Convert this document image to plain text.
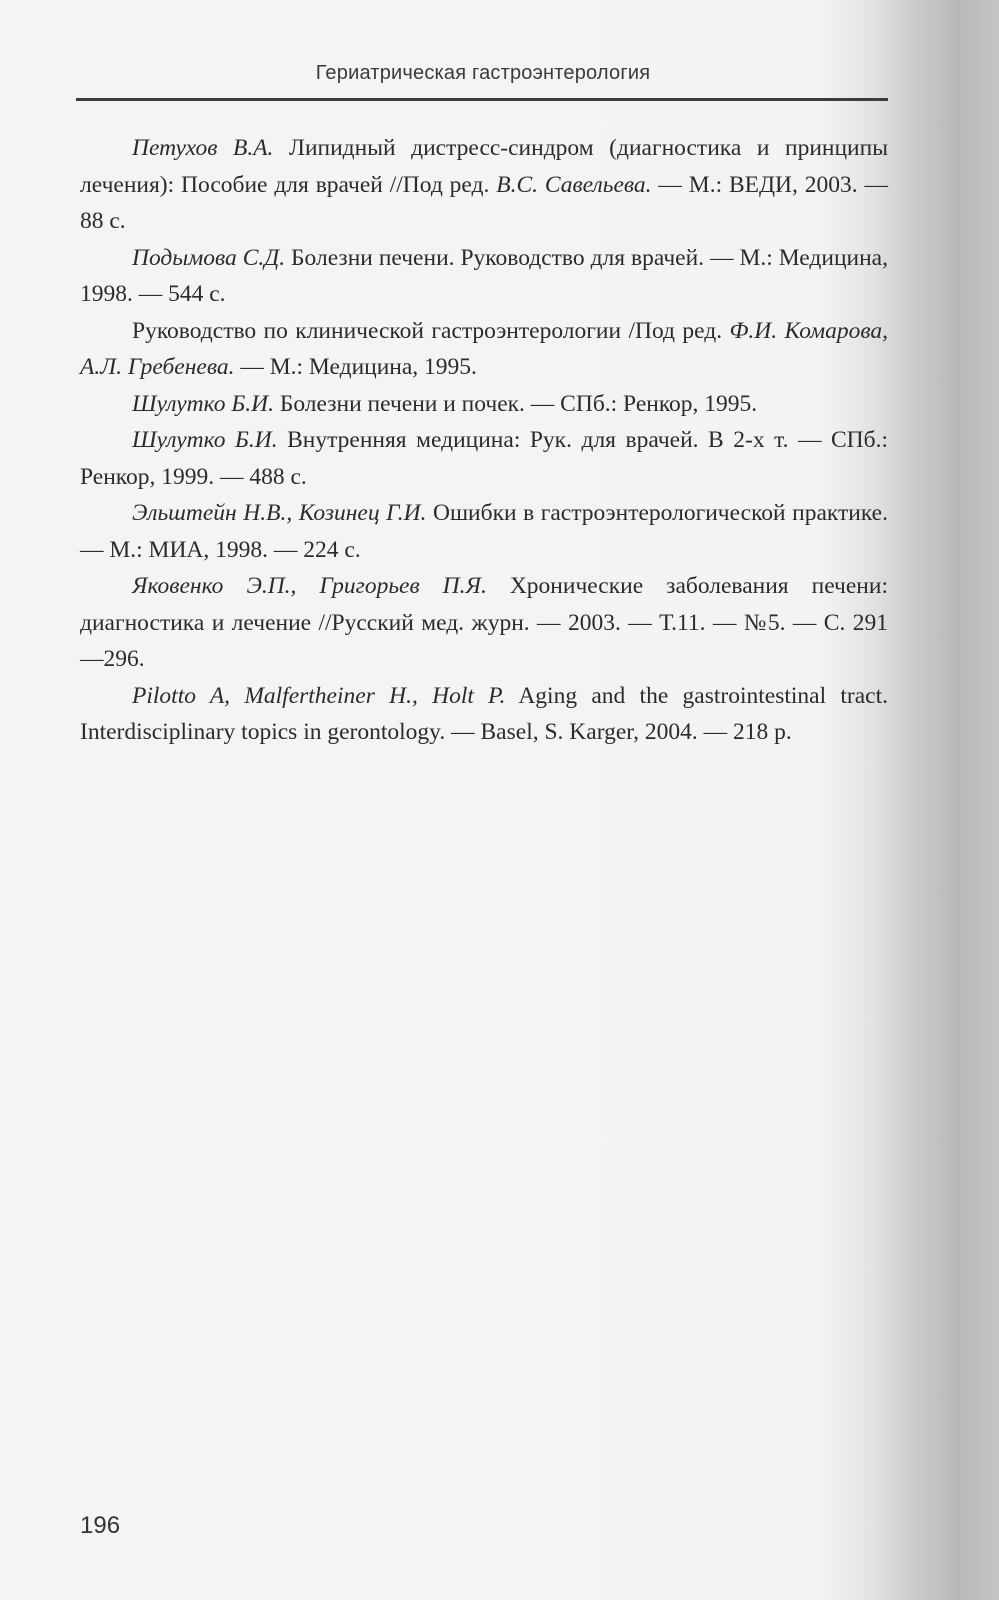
Гериатрическая гастроэнтерология

Петухов В.А. Липидный дистресс-синдром (диагностика и принципы лечения): Пособие для врачей //Под ред. В.С. Савельева. — М.: ВЕДИ, 2003. — 88 с.

Подымова С.Д. Болезни печени. Руководство для врачей. — М.: Медицина, 1998. — 544 с.

Руководство по клинической гастроэнтерологии /Под ред. Ф.И. Комарова, А.Л. Гребенева. — М.: Медицина, 1995.

Шулутко Б.И. Болезни печени и почек. — СПб.: Ренкор, 1995.

Шулутко Б.И. Внутренняя медицина: Рук. для врачей. В 2-х т. — СПб.: Ренкор, 1999. — 488 с.

Эльштейн Н.В., Козинец Г.И. Ошибки в гастроэнтерологической практике. — М.: МИА, 1998. — 224 с.

Яковенко Э.П., Григорьев П.Я. Хронические заболевания печени: диагностика и лечение //Русский мед. журн. — 2003. — Т.11. — №5. — С. 291—296.

Pilotto A, Malfertheiner H., Holt P. Aging and the gastrointestinal tract. Interdisciplinary topics in gerontology. — Basel, S. Karger, 2004. — 218 p.

196
